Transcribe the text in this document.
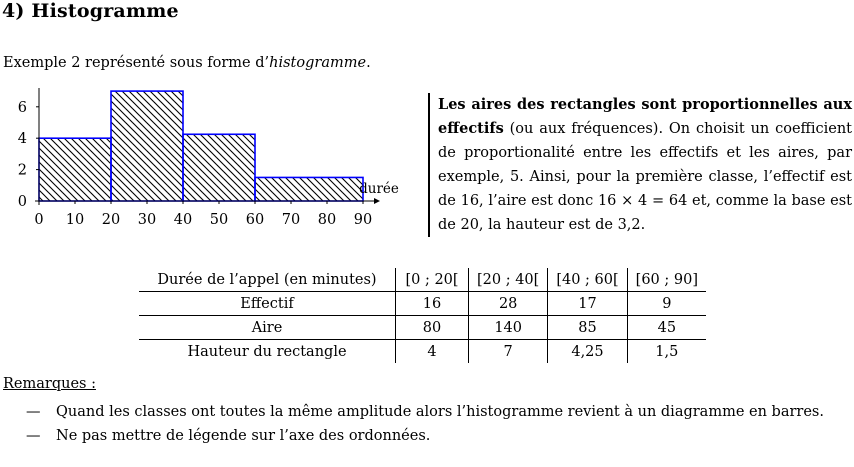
4) Histogramme
Exemple 2 représenté sous forme d’histogramme.
0 10 20 30 40 50 60 70 80 90
0
2
4
6
durée
Les aires des rectangles sont proportionnelles aux effectifs (ou aux fréquences). On choisit un coefficient de proportionalité entre les effectifs et les aires, par exemple, 5. Ainsi, pour la première classe, l’effectif est de 16, l’aire est donc 16 × 4 = 64 et, comme la base est de 20, la hauteur est de 3,2.
Durée de l’appel (en minutes)	[0 ; 20[	[20 ; 40[	[40 ; 60[	[60 ; 90]
Effectif	16	28	17	9
Aire	80	140	85	45
Hauteur du rectangle	4	7	4,25	1,5
Remarques :
—	Quand les classes ont toutes la même amplitude alors l’histogramme revient à un diagramme en barres.
—	Ne pas mettre de légende sur l’axe des ordonnées.
